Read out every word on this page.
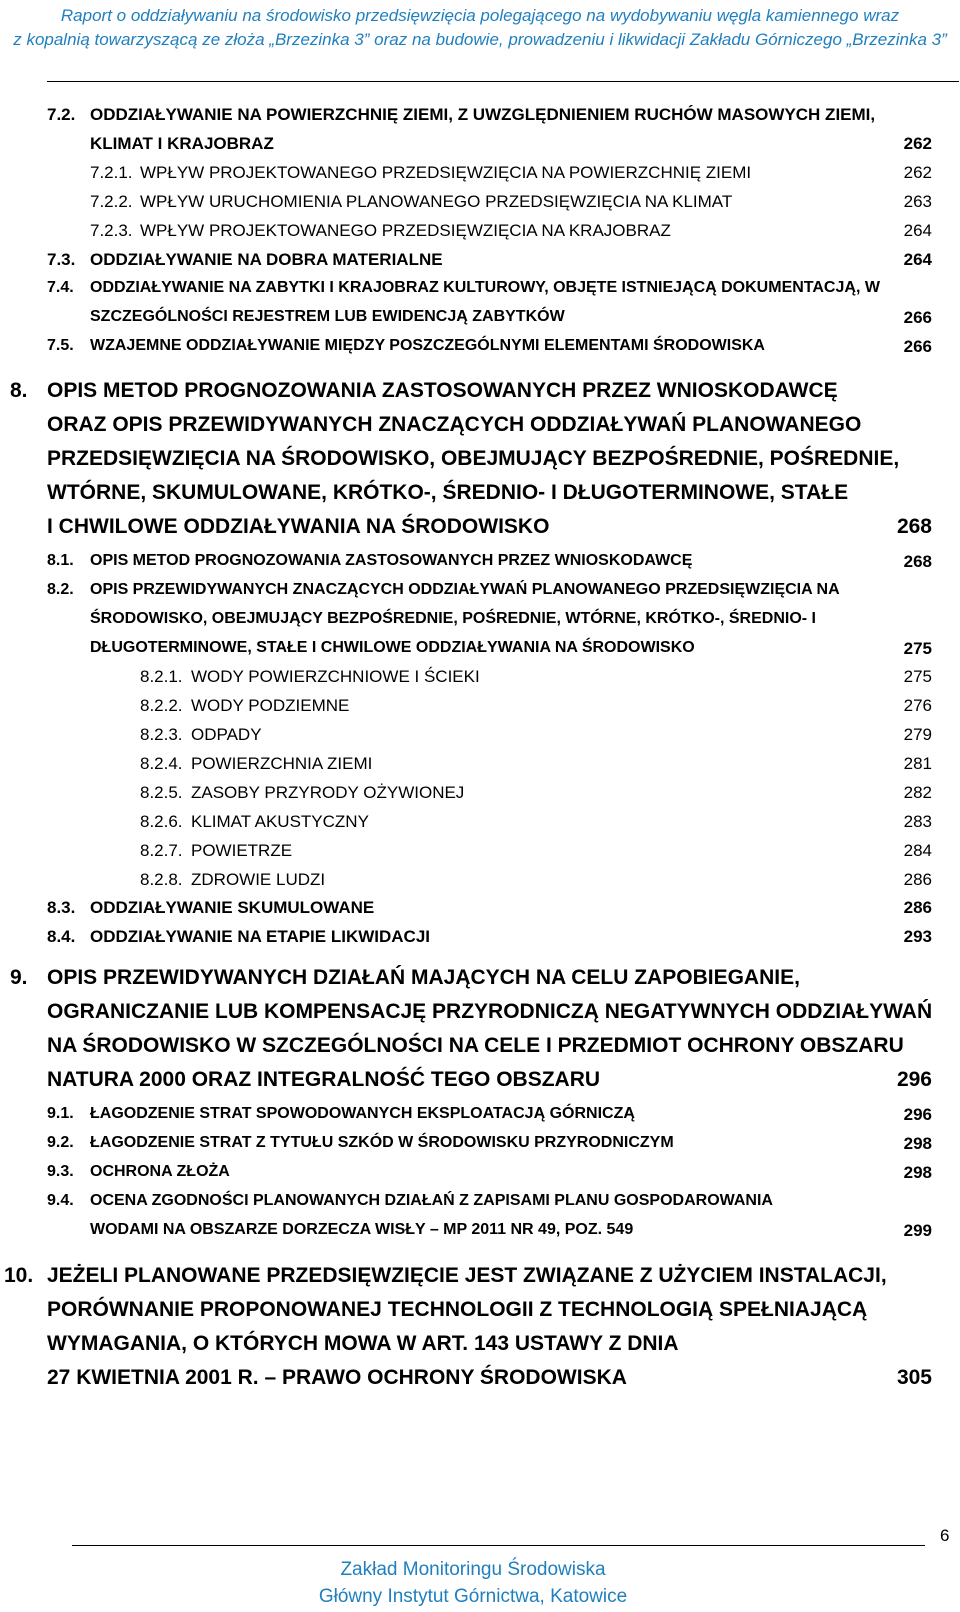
Raport o oddziaływaniu na środowisko przedsięwzięcia polegającego na wydobywaniu węgla kamiennego wraz
z kopalnią towarzyszącą ze złoża „Brzezinka 3” oraz na budowie, prowadzeniu i likwidacji Zakładu Górniczego „Brzezinka 3”
7.2. ODDZIAŁYWANIE NA POWIERZCHNIĘ ZIEMI, Z UWZGLĘDNIENIEM RUCHÓW MASOWYCH ZIEMI,
KLIMAT I KRAJOBRAZ	262
7.2.1. WPŁYW PROJEKTOWANEGO PRZEDSIĘWZIĘCIA NA POWIERZCHNIĘ ZIEMI	262
7.2.2. WPŁYW URUCHOMIENIA PLANOWANEGO PRZEDSIĘWZIĘCIA NA KLIMAT	263
7.2.3. WPŁYW PROJEKTOWANEGO PRZEDSIĘWZIĘCIA NA KRAJOBRAZ	264
7.3. ODDZIAŁYWANIE NA DOBRA MATERIALNE	264
7.4. ODDZIAŁYWANIE NA ZABYTKI I KRAJOBRAZ KULTUROWY, OBJĘTE ISTNIEJĄCĄ DOKUMENTACJĄ, W
SZCZEGÓLNOŚCI REJESTREM LUB EWIDENCJĄ ZABYTKÓW	266
7.5. WZAJEMNE ODDZIAŁYWANIE MIĘDZY POSZCZEGÓLNYMI ELEMENTAMI ŚRODOWISKA	266
8. OPIS METOD PROGNOZOWANIA ZASTOSOWANYCH PRZEZ WNIOSKODAWCĘ
ORAZ OPIS PRZEWIDYWANYCH ZNACZĄCYCH ODDZIAŁYWAŃ PLANOWANEGO
PRZEDSIĘWZIĘCIA NA ŚRODOWISKO, OBEJMUJĄCY BEZPOŚREDNIE, POŚREDNIE,
WTÓRNE, SKUMULOWANE, KRÓTKO-, ŚREDNIO- I DŁUGOTERMINOWE, STAŁE
I CHWILOWE ODDZIAŁYWANIA NA ŚRODOWISKO	268
8.1. OPIS METOD PROGNOZOWANIA ZASTOSOWANYCH PRZEZ WNIOSKODAWCĘ	268
8.2. OPIS PRZEWIDYWANYCH ZNACZĄCYCH ODDZIAŁYWAŃ PLANOWANEGO PRZEDSIĘWZIĘCIA NA
ŚRODOWISKO, OBEJMUJĄCY BEZPOŚREDNIE, POŚREDNIE, WTÓRNE, KRÓTKO-, ŚREDNIO- I
DŁUGOTERMINOWE, STAŁE I CHWILOWE ODDZIAŁYWANIA NA ŚRODOWISKO	275
8.2.1. WODY POWIERZCHNIOWE I ŚCIEKI	275
8.2.2. WODY PODZIEMNE	276
8.2.3. ODPADY	279
8.2.4. POWIERZCHNIA ZIEMI	281
8.2.5. ZASOBY PRZYRODY OŻYWIONEJ	282
8.2.6. KLIMAT AKUSTYCZNY	283
8.2.7. POWIETRZE	284
8.2.8. ZDROWIE LUDZI	286
8.3. ODDZIAŁYWANIE SKUMULOWANE	286
8.4. ODDZIAŁYWANIE NA ETAPIE LIKWIDACJI	293
9. OPIS PRZEWIDYWANYCH DZIAŁAŃ MAJĄCYCH NA CELU ZAPOBIEGANIE,
OGRANICZANIE LUB KOMPENSACJĘ PRZYRODNICZĄ NEGATYWNYCH ODDZIAŁYWAŃ
NA ŚRODOWISKO W SZCZEGÓLNOŚCI NA CELE I PRZEDMIOT OCHRONY OBSZARU
NATURA 2000 ORAZ INTEGRALNOŚĆ TEGO OBSZARU	296
9.1. ŁAGODZENIE STRAT SPOWODOWANYCH EKSPLOATACJĄ GÓRNICZĄ	296
9.2. ŁAGODZENIE STRAT Z TYTUŁU SZKÓD W ŚRODOWISKU PRZYRODNICZYM	298
9.3. OCHRONA ZŁOŻA	298
9.4. OCENA ZGODNOŚCI PLANOWANYCH DZIAŁAŃ Z ZAPISAMI PLANU GOSPODAROWANIA
WODAMI NA OBSZARZE DORZECZA WISŁY – MP 2011 NR 49, POZ. 549	299
10. JEŻELI PLANOWANE PRZEDSIĘWZIĘCIE JEST ZWIĄZANE Z UŻYCIEM INSTALACJI,
PORÓWNANIE PROPONOWANEJ TECHNOLOGII Z TECHNOLOGIĄ SPEŁNIAJĄCĄ
WYMAGANIA, O KTÓRYCH MOWA W ART. 143 USTAWY Z DNIA
27 KWIETNIA 2001 R. – PRAWO OCHRONY ŚRODOWISKA	305
6
Zakład Monitoringu Środowiska
Główny Instytut Górnictwa, Katowice
